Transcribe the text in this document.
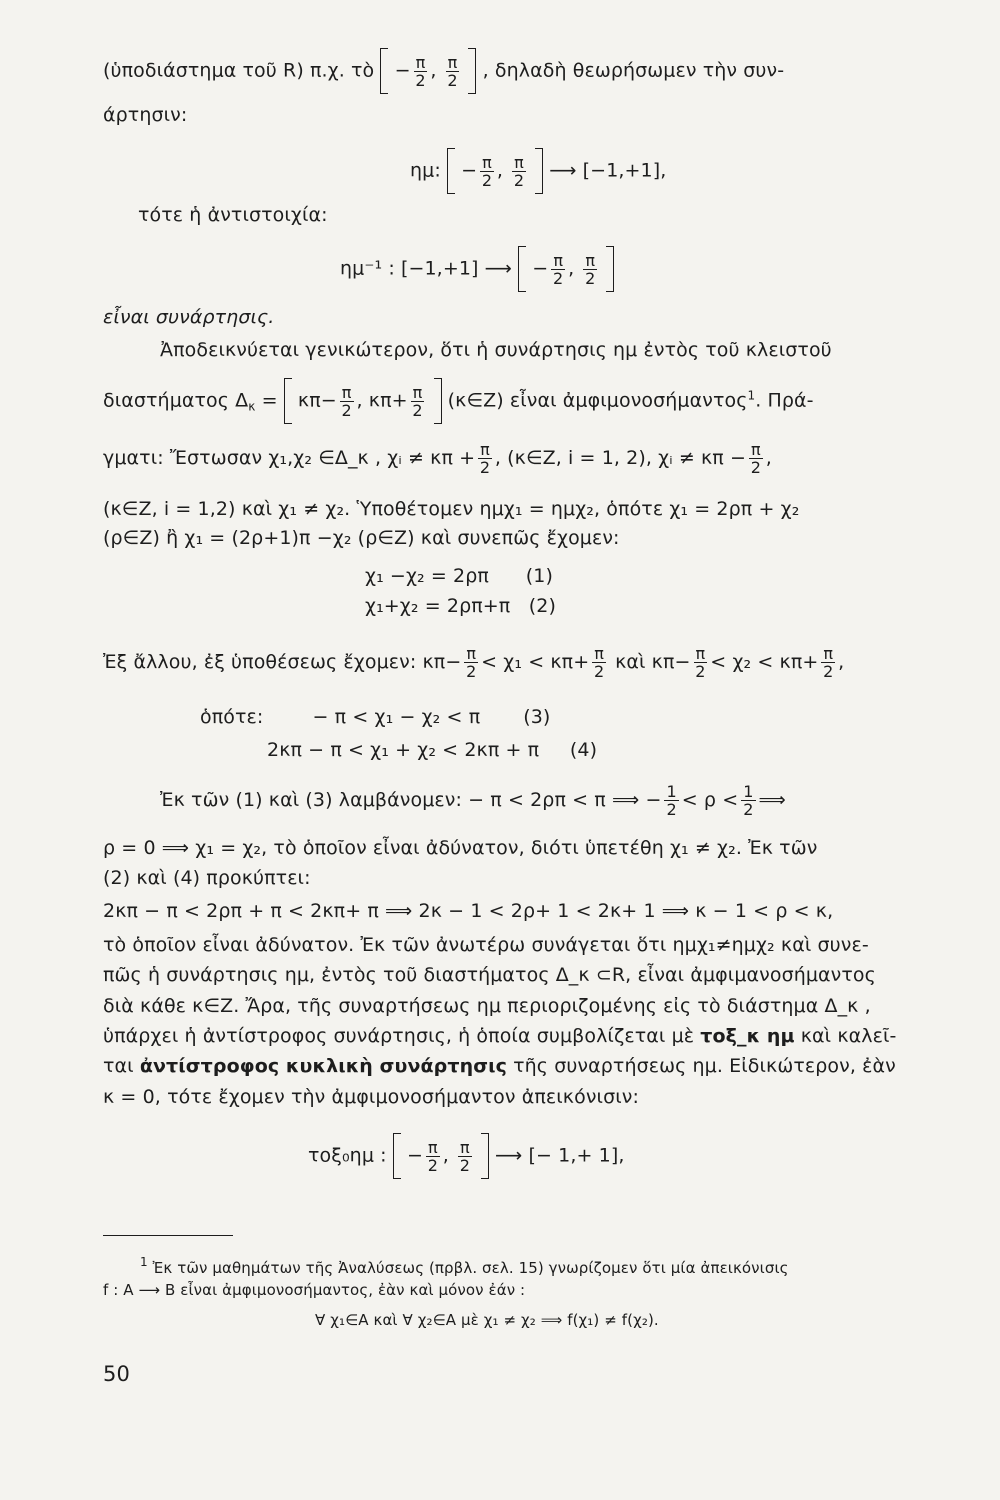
(ὑποδιάστημα τοῦ R) π.χ. τὸ − $\frac{\pi}{2}$ , $\frac{\pi}{2}$ , δηλαδὴ θεωρήσωμεν τὴν συν-
άρτησιν:
ημ: − $\frac{\pi}{2}$ , $\frac{\pi}{2}$ ⟶ [−1,+1],
τότε ἡ ἀντιστοιχία:
ημ⁻¹ : [−1,+1] ⟶ − $\frac{\pi}{2}$ , $\frac{\pi}{2}$

εἶναι συνάρτησις.
Ἀποδεικνύεται γενικώτερον, ὅτι ἡ συνάρτησις ημ ἐντὸς τοῦ κλειστοῦ
διαστήματος $\Delta_\kappa = \kappa\pi- \frac{\pi}{2}$ , $\kappa\pi+ \frac{\pi}{2}$ (κ∈Z) εἶναι ἀμφιμονοσήμαντος$^1$. Πρά-
γματι: Ἔστωσαν χ₁,χ₂ ∈Δ_κ , χᵢ ≠ $\kappa\pi + \frac{\pi}{2}$ , (κ∈Z, i = 1, 2), χᵢ ≠ $\kappa\pi - \frac{\pi}{2}$ ,
(κ∈Z, i = 1,2) καὶ χ₁ ≠ χ₂. Ὑποθέτομεν ημχ₁ = ημχ₂, ὁπότε χ₁ = 2ρπ + χ₂
(ρ∈Z) ἢ χ₁ = (2ρ+1)π −χ₂ (ρ∈Z) καὶ συνεπῶς ἔχομεν:
χ₁ −χ₂ = 2ρπ      (1)
χ₁+χ₂ = 2ρπ+π   (2)
Ἐξ ἄλλου, ἐξ ὑποθέσεως ἔχομεν: $\kappa\pi- \frac{\pi}{2} < \chi_1 < \kappa\pi+ \frac{\pi}{2}$ καὶ $\kappa\pi- \frac{\pi}{2} < \chi_2 < \kappa\pi+ \frac{\pi}{2}$ ,
ὁπότε:        − π < χ₁ − χ₂ < π       (3)
2κπ − π < χ₁ + χ₂ < 2κπ + π     (4)
Ἐκ τῶν (1) καὶ (3) λαμβάνομεν: − π < 2ρπ < π ⟹ − $\frac{1}{2} < \rho < \frac{1}{2}$ ⟹
ρ = 0 ⟹ χ₁ = χ₂, τὸ ὁποῖον εἶναι ἀδύνατον, διότι ὑπετέθη χ₁ ≠ χ₂. Ἐκ τῶν
(2) καὶ (4) προκύπτει:
2κπ − π < 2ρπ + π < 2κπ+ π ⟹ 2κ − 1 < 2ρ+ 1 < 2κ+ 1 ⟹ κ − 1 < ρ < κ,
τὸ ὁποῖον εἶναι ἀδύνατον. Ἐκ τῶν ἀνωτέρω συνάγεται ὅτι ημχ₁≠ημχ₂ καὶ συνε-
πῶς ἡ συνάρτησις ημ, ἐντὸς τοῦ διαστήματος Δ_κ ⊂R, εἶναι ἀμφιμανοσήμαντος
διὰ κάθε κ∈Z. Ἄρα, τῆς συναρτήσεως ημ περιοριζομένης εἰς τὸ διάστημα Δ_κ ,
ὑπάρχει ἡ ἀντίστροφος συνάρτησις, ἡ ὁποία συμβολίζεται μὲ τοξ_κ ημ καὶ καλεῖ-
ται ἀντίστροφος κυκλικὴ συνάρτησις τῆς συναρτήσεως ημ. Εἰδικώτερον, ἐὰν
κ = 0, τότε ἔχομεν τὴν ἀμφιμονοσήμαντον ἀπεικόνισιν:
τοξ₀ημ : − $\frac{\pi}{2}$ , $\frac{\pi}{2}$ ⟶ [− 1,+ 1],
$^1$ Ἐκ τῶν μαθημάτων τῆς Ἀναλύσεως (πρβλ. σελ. 15) γνωρίζομεν ὅτι μία ἀπεικόνισις
f : A ⟶ B εἶναι ἀμφιμονοσήμαντος, ἐὰν καὶ μόνον ἐάν :
∀ χ₁∈A καὶ ∀ χ₂∈A μὲ χ₁ ≠ χ₂ ⟹ f(χ₁) ≠ f(χ₂).
50
